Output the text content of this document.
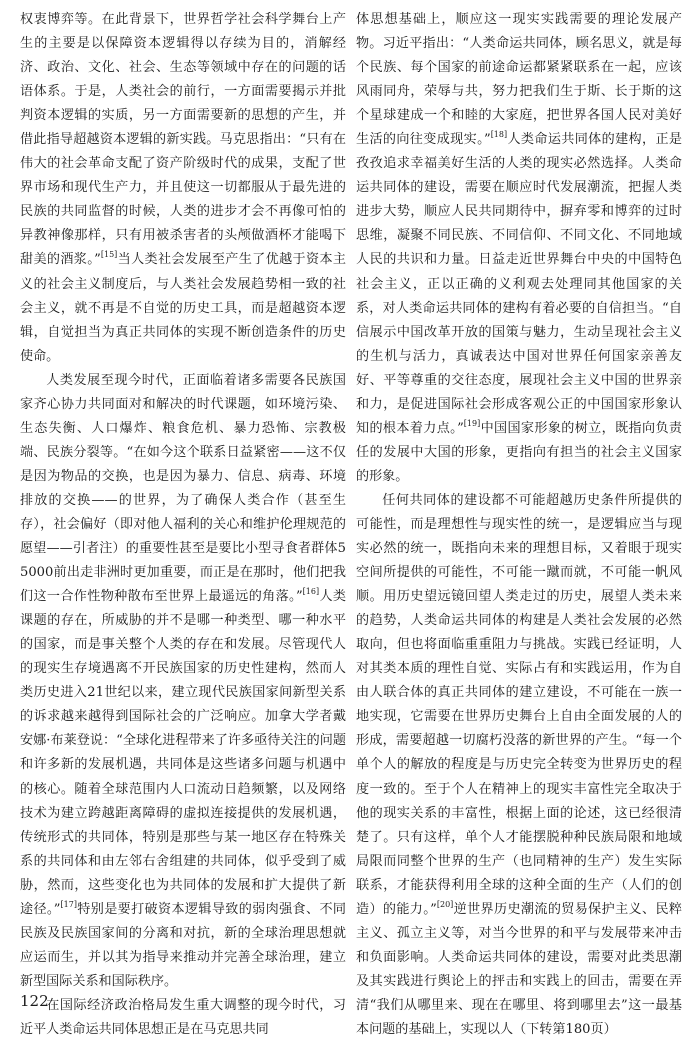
权衷博弈等。在此背景下，世界哲学社会科学舞台上产生的主要是以保障资本逻辑得以存续为目的，消解经济、政治、文化、社会、生态等领域中存在的问题的话语体系。于是，人类社会的前行，一方面需要揭示并批判资本逻辑的实质，另一方面需要新的思想的产生，并借此指导超越资本逻辑的新实践。马克思指出：“只有在伟大的社会革命支配了资产阶级时代的成果，支配了世界市场和现代生产力，并且使这一切都服从于最先进的民族的共同监督的时候，人类的进步才会不再像可怕的异教神像那样，只有用被杀害者的头颅做酒杯才能喝下甜美的酒浆。”[15]当人类社会发展至产生了优越于资本主义的社会主义制度后，与人类社会发展趋势相一致的社会主义，就不再是不自觉的历史工具，而是超越资本逻辑，自觉担当为真正共同体的实现不断创造条件的历史使命。

人类发展至现今时代，正面临着诸多需要各民族国家齐心协力共同面对和解决的时代课题，如环境污染、生态失衡、人口爆炸、粮食危机、暴力恐怖、宗教极端、民族分裂等。“在如今这个联系日益紧密——这不仅是因为物品的交换，也是因为暴力、信息、病毒、环境排放的交换——的世界，为了确保人类合作（甚至生存），社会偏好（即对他人福利的关心和维护伦理规范的愿望——引者注）的重要性甚至是要比小型寻食者群体55000前出走非洲时更加重要，而正是在那时，他们把我们这一合作性物种散布至世界上最遥远的角落。”[16]人类课题的存在，所威胁的并不是哪一种类型、哪一种水平的国家，而是事关整个人类的存在和发展。尽管现代人的现实生存境遇离不开民族国家的历史性建构，然而人类历史进入21世纪以来，建立现代民族国家间新型关系的诉求越来越得到国际社会的广泛响应。加拿大学者戴安娜·布莱登说：“全球化进程带来了许多亟待关注的问题和许多新的发展机遇，共同体是这些诸多问题与机遇中的核心。随着全球范围内人口流动日趋频繁，以及网络技术为建立跨越距离障碍的虚拟连接提供的发展机遇，传统形式的共同体，特别是那些与某一地区存在特殊关系的共同体和由左邻右舍组建的共同体，似乎受到了威胁，然而，这些变化也为共同体的发展和扩大提供了新途径。”[17]特别是要打破资本逻辑导致的弱肉强食、不同民族及民族国家间的分离和对抗，新的全球治理思想就应运而生，并以其为指导来推动并完善全球治理，建立新型国际关系和国际秩序。

在国际经济政治格局发生重大调整的现今时代，习近平人类命运共同体思想正是在马克思共同

体思想基础上，顺应这一现实实践需要的理论发展产物。习近平指出：“人类命运共同体，顾名思义，就是每个民族、每个国家的前途命运都紧紧联系在一起，应该风雨同舟，荣辱与共，努力把我们生于斯、长于斯的这个星球建成一个和睦的大家庭，把世界各国人民对美好生活的向往变成现实。”[18]人类命运共同体的建构，正是孜孜追求幸福美好生活的人类的现实必然选择。人类命运共同体的建设，需要在顺应时代发展潮流，把握人类进步大势，顺应人民共同期待中，摒弃零和博弈的过时思维，凝聚不同民族、不同信仰、不同文化、不同地域人民的共识和力量。日益走近世界舞台中央的中国特色社会主义，正以正确的义利观去处理同其他国家的关系，对人类命运共同体的建构有着必要的自信担当。“自信展示中国改革开放的国策与魅力，生动呈现社会主义的生机与活力，真诚表达中国对世界任何国家亲善友好、平等尊重的交往态度，展现社会主义中国的世界亲和力，是促进国际社会形成客观公正的中国国家形象认知的根本着力点。”[19]中国国家形象的树立，既指向负责任的发展中大国的形象，更指向有担当的社会主义国家的形象。

任何共同体的建设都不可能超越历史条件所提供的可能性，而是理想性与现实性的统一，是逻辑应当与现实必然的统一，既指向未来的理想目标，又着眼于现实空间所提供的可能性，不可能一蹴而就，不可能一帆风顺。用历史望远镜回望人类走过的历史，展望人类未来的趋势，人类命运共同体的构建是人类社会发展的必然取向，但也将面临重重阻力与挑战。实践已经证明，人对其类本质的理性自觉、实际占有和实践运用，作为自由人联合体的真正共同体的建立建设，不可能在一族一地实现，它需要在世界历史舞台上自由全面发展的人的形成，需要超越一切腐朽没落的新世界的产生。“每一个单个人的解放的程度是与历史完全转变为世界历史的程度一致的。至于个人在精神上的现实丰富性完全取决于他的现实关系的丰富性，根据上面的论述，这已经很清楚了。只有这样，单个人才能摆脱种种民族局限和地域局限而同整个世界的生产（也同精神的生产）发生实际联系，才能获得利用全球的这种全面的生产（人们的创造）的能力。”[20]逆世界历史潮流的贸易保护主义、民粹主义、孤立主义等，对当今世界的和平与发展带来冲击和负面影响。人类命运共同体的建设，需要对此类思潮及其实践进行舆论上的抨击和实践上的回击，需要在弄清“我们从哪里来、现在在哪里、将到哪里去”这一最基本问题的基础上，实现以人（下转第180页）

122
